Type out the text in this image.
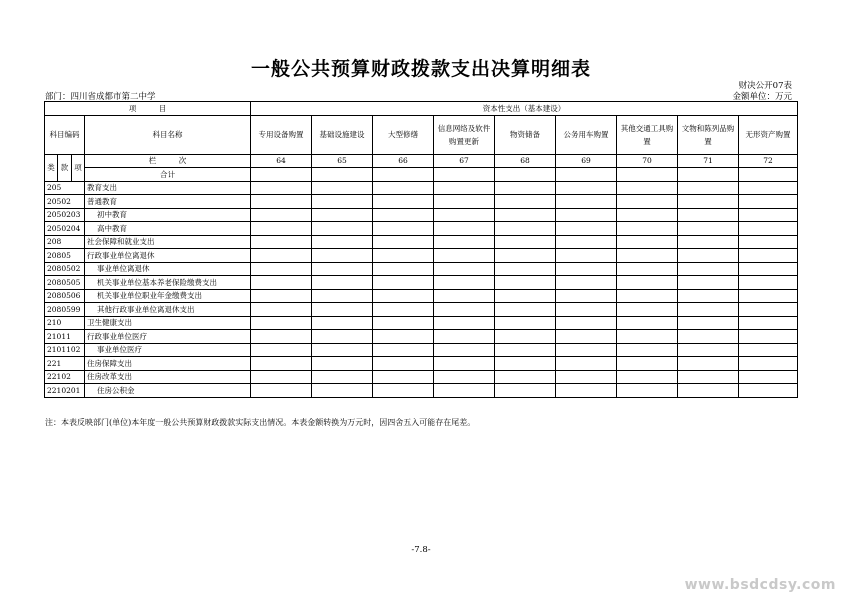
一般公共预算财政拨款支出决算明细表
财决公开07表
部门：四川省成都市第二中学	金额单位：万元
项　　　目				资本性支出（基本建设）								
科目编码			科目名称	专用设备购置	基础设施建设	大型修缮	信息网络及软件购置更新	物资储备	公务用车购置	其他交通工具购置	文物和陈列品购置	无形资产购置
类	款	项	栏　　　次	64	65	66	67	68	69	70	71	72
			合计									
205			教育支出									
20502			普通教育									
2050203			初中教育									
2050204			高中教育									
208			社会保障和就业支出									
20805			行政事业单位离退休									
2080502			事业单位离退休									
2080505			机关事业单位基本养老保险缴费支出									
2080506			机关事业单位职业年金缴费支出									
2080599			其他行政事业单位离退休支出									
210			卫生健康支出									
21011			行政事业单位医疗									
2101102			事业单位医疗									
221			住房保障支出									
22102			住房改革支出									
2210201			住房公积金									
注：本表反映部门(单位)本年度一般公共预算财政拨款实际支出情况。本表金额转换为万元时，因四舍五入可能存在尾差。
-7.8-
www.bsdcdsy.com
